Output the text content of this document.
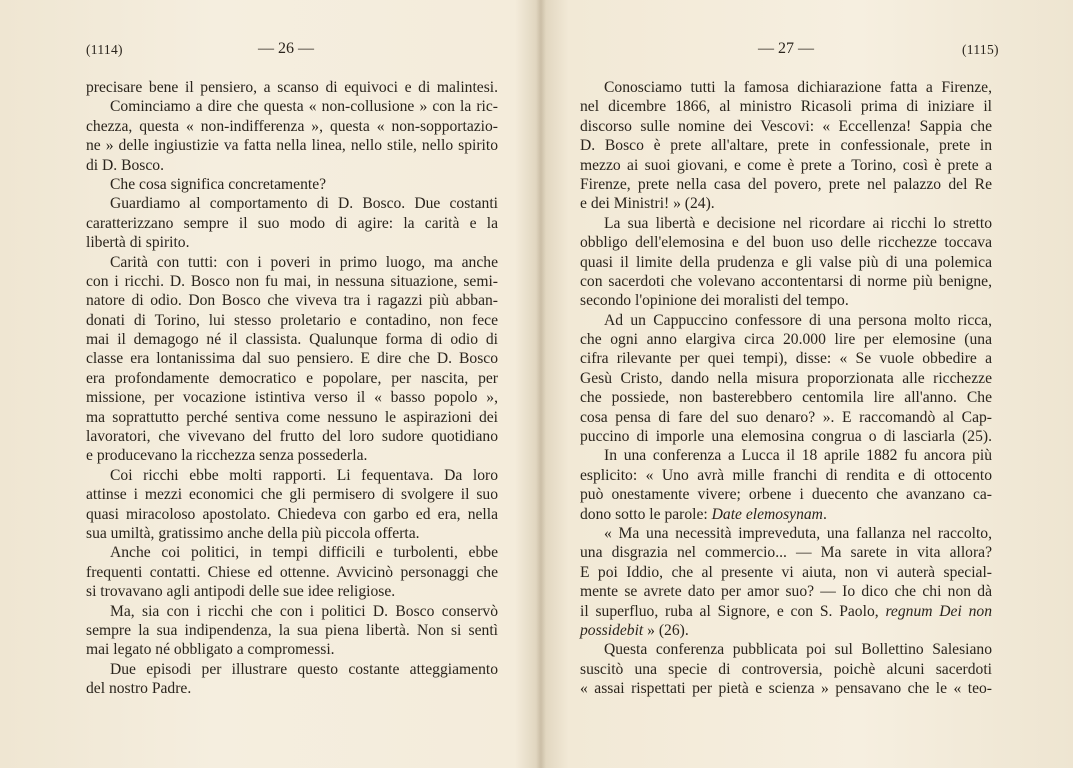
(1114)	— 26 —
precisare bene il pensiero, a scanso di equivoci e di malintesi.
Cominciamo a dire che questa « non-collusione » con la ric-
chezza, questa « non-indifferenza », questa « non-sopportazio-
ne » delle ingiustizie va fatta nella linea, nello stile, nello spirito
di D. Bosco.
Che cosa significa concretamente?
Guardiamo al comportamento di D. Bosco. Due costanti
caratterizzano sempre il suo modo di agire: la carità e la
libertà di spirito.
Carità con tutti: con i poveri in primo luogo, ma anche
con i ricchi. D. Bosco non fu mai, in nessuna situazione, semi-
natore di odio. Don Bosco che viveva tra i ragazzi più abban-
donati di Torino, lui stesso proletario e contadino, non fece
mai il demagogo né il classista. Qualunque forma di odio di
classe era lontanissima dal suo pensiero. E dire che D. Bosco
era profondamente democratico e popolare, per nascita, per
missione, per vocazione istintiva verso il « basso popolo »,
ma soprattutto perché sentiva come nessuno le aspirazioni dei
lavoratori, che vivevano del frutto del loro sudore quotidiano
e producevano la ricchezza senza possederla.
Coi ricchi ebbe molti rapporti. Li fequentava. Da loro
attinse i mezzi economici che gli permisero di svolgere il suo
quasi miracoloso apostolato. Chiedeva con garbo ed era, nella
sua umiltà, gratissimo anche della più piccola offerta.
Anche coi politici, in tempi difficili e turbolenti, ebbe
frequenti contatti. Chiese ed ottenne. Avvicinò personaggi che
si trovavano agli antipodi delle sue idee religiose.
Ma, sia con i ricchi che con i politici D. Bosco conservò
sempre la sua indipendenza, la sua piena libertà. Non si sentì
mai legato né obbligato a compromessi.
Due episodi per illustrare questo costante atteggiamento
del nostro Padre.
— 27 —	(1115)
Conosciamo tutti la famosa dichiarazione fatta a Firenze,
nel dicembre 1866, al ministro Ricasoli prima di iniziare il
discorso sulle nomine dei Vescovi: « Eccellenza! Sappia che
D. Bosco è prete all'altare, prete in confessionale, prete in
mezzo ai suoi giovani, e come è prete a Torino, così è prete a
Firenze, prete nella casa del povero, prete nel palazzo del Re
e dei Ministri! » (24).
La sua libertà e decisione nel ricordare ai ricchi lo stretto
obbligo dell'elemosina e del buon uso delle ricchezze toccava
quasi il limite della prudenza e gli valse più di una polemica
con sacerdoti che volevano accontentarsi di norme più benigne,
secondo l'opinione dei moralisti del tempo.
Ad un Cappuccino confessore di una persona molto ricca,
che ogni anno elargiva circa 20.000 lire per elemosine (una
cifra rilevante per quei tempi), disse: « Se vuole obbedire a
Gesù Cristo, dando nella misura proporzionata alle ricchezze
che possiede, non basterebbero centomila lire all'anno. Che
cosa pensa di fare del suo denaro? ». E raccomandò al Cap-
puccino di imporle una elemosina congrua o di lasciarla (25).
In una conferenza a Lucca il 18 aprile 1882 fu ancora più
esplicito: « Uno avrà mille franchi di rendita e di ottocento
può onestamente vivere; orbene i duecento che avanzano ca-
dono sotto le parole: Date elemosynam.
« Ma una necessità impreveduta, una fallanza nel raccolto,
una disgrazia nel commercio... — Ma sarete in vita allora?
E poi Iddio, che al presente vi aiuta, non vi auterà special-
mente se avrete dato per amor suo? — Io dico che chi non dà
il superfluo, ruba al Signore, e con S. Paolo, regnum Dei non
possidebit » (26).
Questa conferenza pubblicata poi sul Bollettino Salesiano
suscitò una specie di controversia, poichè alcuni sacerdoti
« assai rispettati per pietà e scienza » pensavano che le « teo-
